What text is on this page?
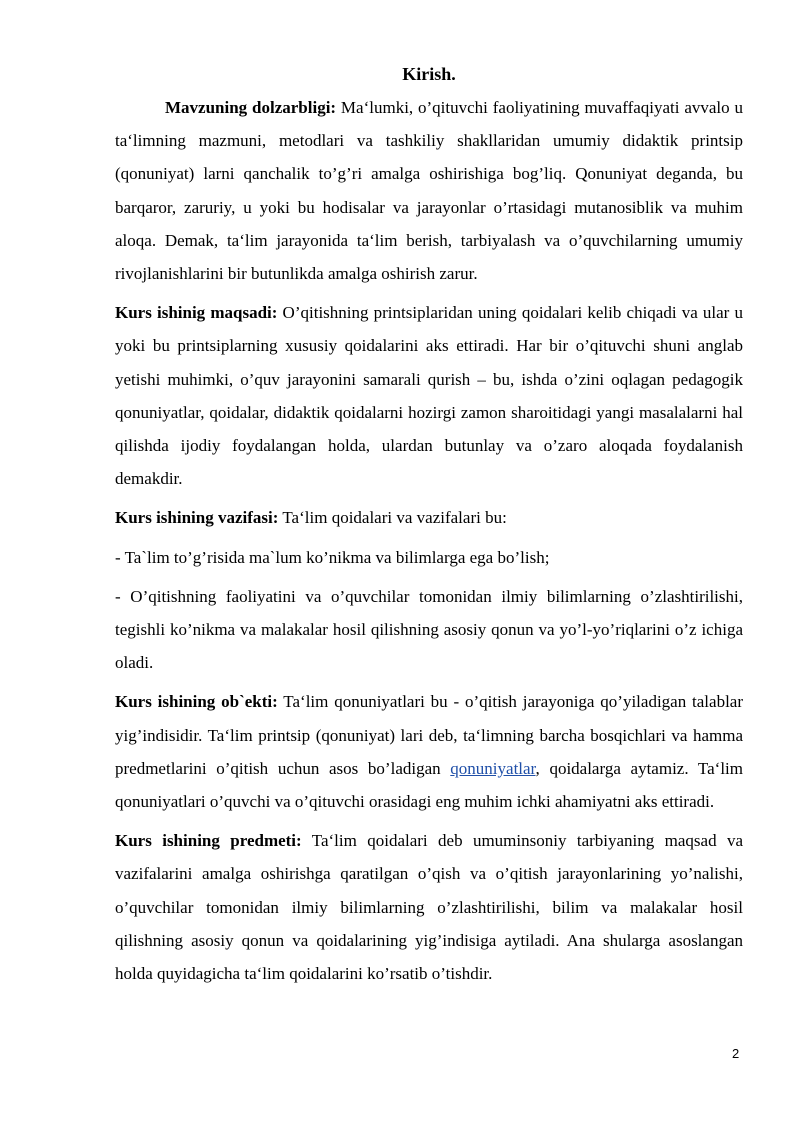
Kirish.

Mavzuning dolzarbligi: Ma‘lumki, o’qituvchi faoliyatining muvaffaqiyati avvalo u ta‘limning mazmuni, metodlari va tashkiliy shakllaridan umumiy didaktik printsip (qonuniyat) larni qanchalik to’g’ri amalga oshirishiga bog’liq. Qonuniyat deganda, bu barqaror, zaruriy, u yoki bu hodisalar va jarayonlar o’rtasidagi mutanosiblik va muhim aloqa. Demak, ta‘lim jarayonida ta‘lim berish, tarbiyalash va o’quvchilarning umumiy rivojlanishlarini bir butunlikda amalga oshirish zarur.

Kurs ishinig maqsadi: O’qitishning printsiplaridan uning qoidalari kelib chiqadi va ular u yoki bu printsiplarning xususiy qoidalarini aks ettiradi. Har bir o’qituvchi shuni anglab yetishi muhimki, o’quv jarayonini samarali qurish – bu, ishda o’zini oqlagan pedagogik qonuniyatlar, qoidalar, didaktik qoidalarni hozirgi zamon sharoitidagi yangi masalalarni hal qilishda ijodiy foydalangan holda, ulardan butunlay va o’zaro aloqada foydalanish demakdir.

Kurs ishining vazifasi: Ta‘lim qoidalari va vazifalari bu:

- Ta`lim to’g’risida ma`lum ko’nikma va bilimlarga ega bo’lish;

- O’qitishning faoliyatini va o’quvchilar tomonidan ilmiy bilimlarning o’zlashtirilishi, tegishli ko’nikma va malakalar hosil qilishning asosiy qonun va yo’l-yo’riqlarini o’z ichiga oladi.

Kurs ishining ob`ekti: Ta‘lim qonuniyatlari bu - o’qitish jarayoniga qo’yiladigan talablar yig’indisidir. Ta‘lim printsip (qonuniyat) lari deb, ta‘limning barcha bosqichlari va hamma predmetlarini o’qitish uchun asos bo’ladigan qonuniyatlar, qoidalarga aytamiz. Ta‘lim qonuniyatlari o’quvchi va o’qituvchi orasidagi eng muhim ichki ahamiyatni aks ettiradi.

Kurs ishining predmeti: Ta‘lim qoidalari deb umuminsoniy tarbiyaning maqsad va vazifalarini amalga oshirishga qaratilgan o’qish va o’qitish jarayonlarining yo’nalishi, o’quvchilar tomonidan ilmiy bilimlarning o’zlashtirilishi, bilim va malakalar hosil qilishning asosiy qonun va qoidalarining yig’indisiga aytiladi. Ana shularga asoslangan holda quyidagicha ta‘lim qoidalarini ko’rsatib o’tishdir.

2
